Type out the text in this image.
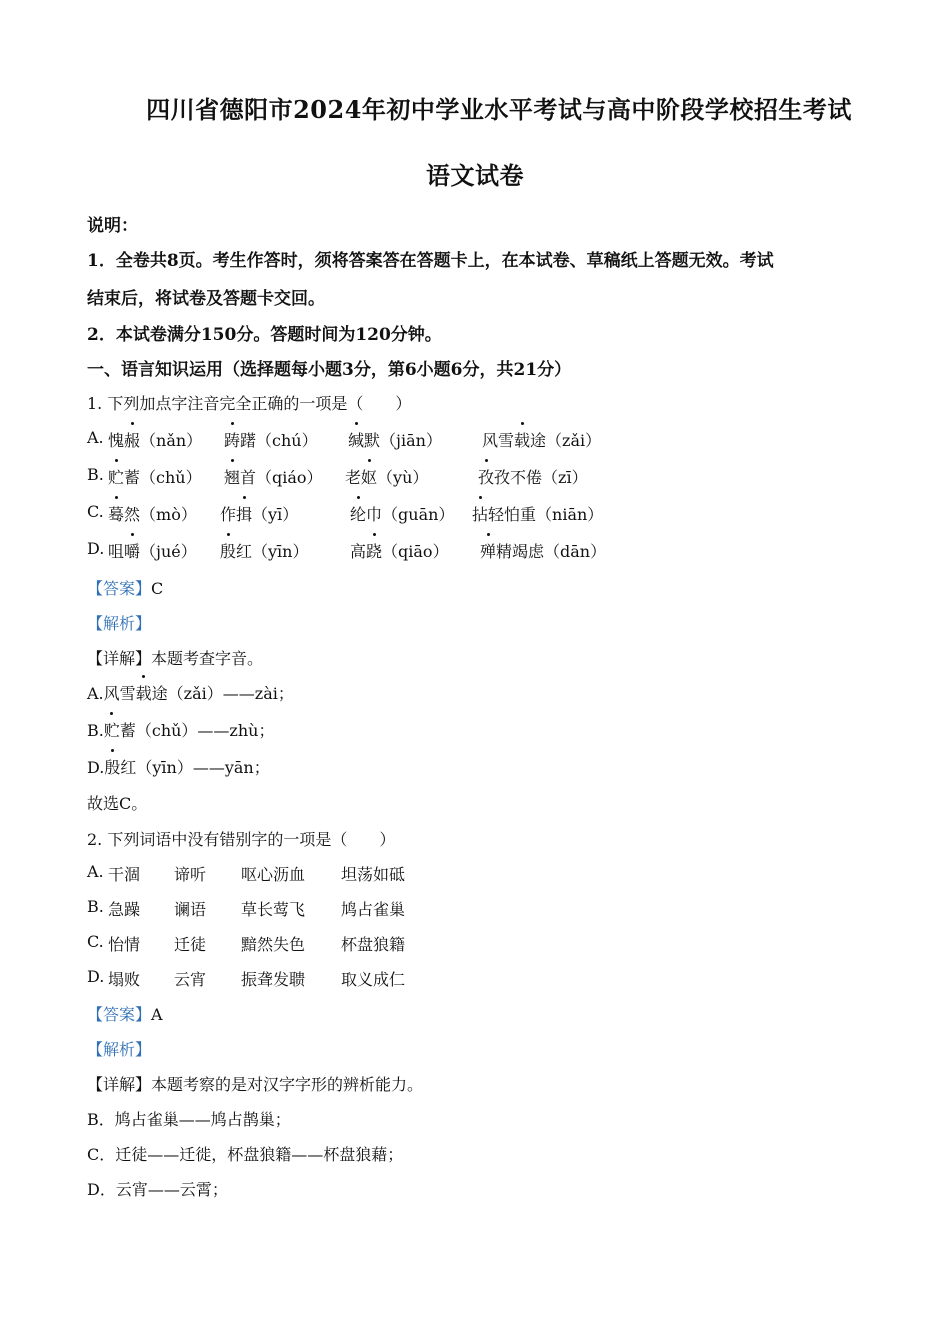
四川省德阳市2024年初中学业水平考试与高中阶段学校招生考试
语文试卷
说明：
1．全卷共8页。考生作答时，须将答案答在答题卡上，在本试卷、草稿纸上答题无效。考试
结束后，将试卷及答题卡交回。
2．本试卷满分150分。答题时间为120分钟。
一、语言知识运用（选择题每小题3分，第6小题6分，共21分）
1. 下列加点字注音完全正确的一项是（　　）
A. 愧赧（nǎn） 踌躇（chú） 缄默（jiān）	风雪载途（zǎi）
B. 贮蓄（chǔ） 翘首（qiáo） 老妪（yù）	孜孜不倦（zī）
C. 蓦然（mò） 作揖（yī）	纶巾（guān） 拈轻怕重（niān）
D. 咀嚼（jué） 殷红（yīn）	高跷（qiāo） 殚精竭虑（dān）
【答案】C
【解析】
【详解】本题考查字音。
A.风雪载途（zǎi）——zài；
B.贮蓄（chǔ）——zhù；
D.殷红（yīn）——yān；
故选C。
2. 下列词语中没有错别字的一项是（　　）
A. 干涸 谛听 呕心沥血 坦荡如砥
B. 急躁 谰语 草长莺飞 鸠占雀巢
C. 怡情 迁徒 黯然失色 杯盘狼籍
D. 塌败 云宵 振聋发聩 取义成仁
【答案】A
【解析】
【详解】本题考察的是对汉字字形的辨析能力。
B．鸠占雀巢——鸠占鹊巢；
C．迁徒——迁徙，杯盘狼籍——杯盘狼藉；
D．云宵——云霄；
